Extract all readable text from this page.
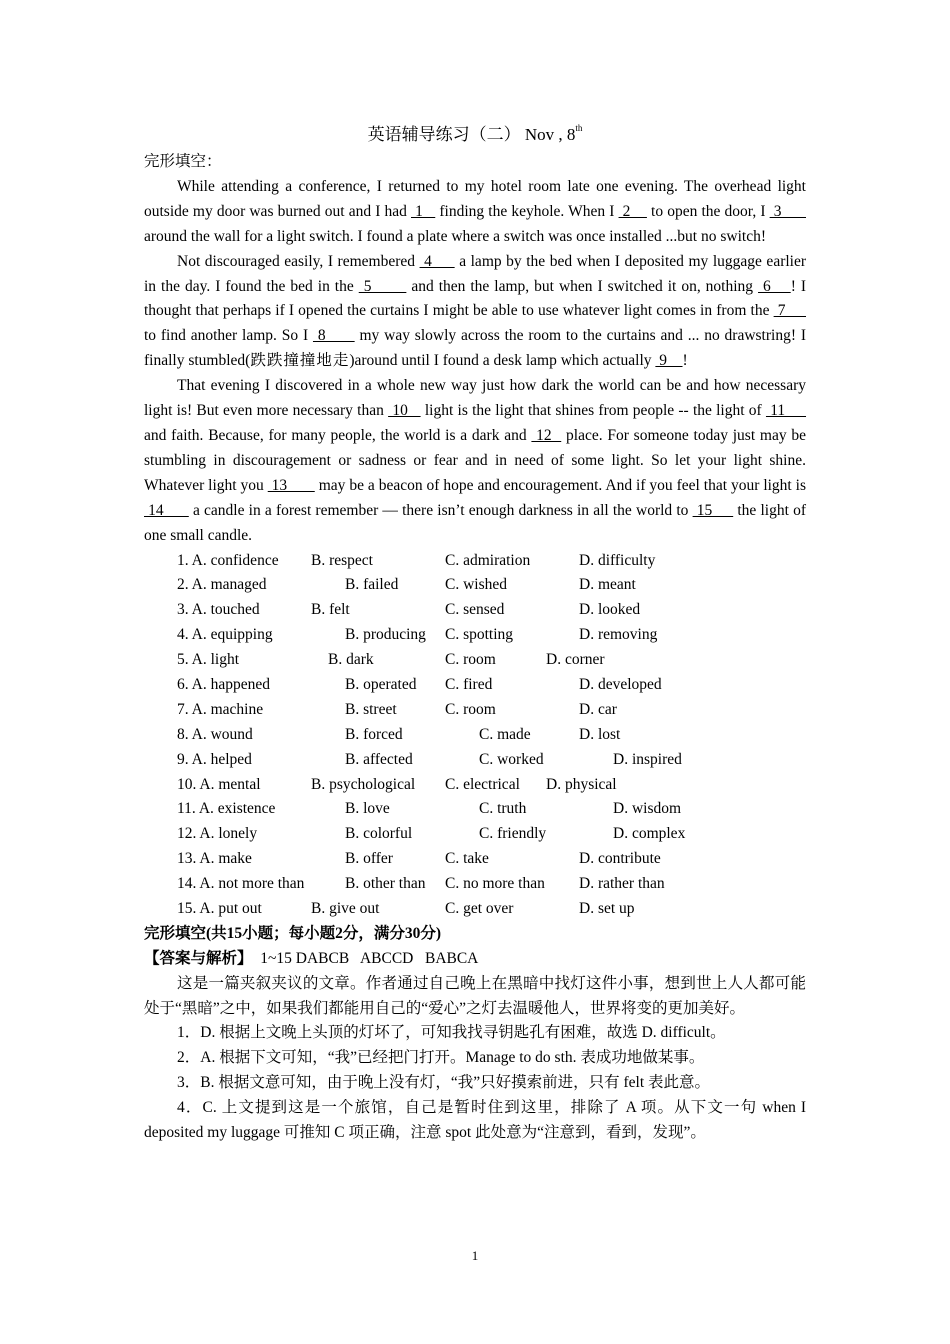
英语辅导练习（二） Nov , 8th

完形填空：

While attending a conference, I returned to my hotel room late one evening. The overhead light outside my door was burned out and I had  1    finding the keyhole. When I  2     to open the door, I  3       around the wall for a light switch. I found a plate where a switch was once installed ...but no switch!

Not discouraged easily, I remembered  4      a lamp by the bed when I deposited my luggage earlier in the day. I found the bed in the  5        and then the lamp, but when I switched it on, nothing  6    ! I thought that perhaps if I opened the curtains I might be able to use whatever light comes in from the  7      to find another lamp. So I  8       my way slowly across the room to the curtains and ... no drawstring! I finally stumbled(跌跌撞撞地走)around until I found a desk lamp which actually  9    !

That evening I discovered in a whole new way just how dark the world can be and how necessary light is! But even more necessary than  10    light is the light that shines from people -- the light of  11      and faith. Because, for many people, the world is a dark and  12   place. For someone today just may be stumbling in discouragement or sadness or fear and in need of some light. So let your light shine. Whatever light you  13        may be a beacon of hope and encouragement. And if you feel that your light is  14       a candle in a forest remember — there isn’t enough darkness in all the world to  15      the light of one small candle.

1. A. confidence B. respect	C. admiration	D. difficulty
2. A. managed	B. failed	C. wished	D. meant
3. A. touched	B. felt	C. sensed	D. looked
4. A. equipping	B. producing C. spotting	D. removing
5. A. light	B. dark	C. room	D. corner
6. A. happened	B. operated C. fired	D. developed
7. A. machine	B. street	C. room	D. car
8. A. wound	B. forced	C. made	D. lost
9. A. helped	B. affected	C. worked	D. inspired
10. A. mental	B. psychological C. electrical D. physical
11. A. existence	B. love	C. truth	D. wisdom
12. A. lonely	B. colorful	C. friendly	D. complex
13. A. make	B. offer	C. take	D. contribute
14. A. not more than	B. other than C. no more than D. rather than
15. A. put out	B. give out	C. get over	D. set up

完形填空(共15小题；每小题2分，满分30分)

【答案与解析】  1~15 DABCB   ABCCD   BABCA

这是一篇夹叙夹议的文章。作者通过自己晚上在黑暗中找灯这件小事，想到世上人人都可能处于“黑暗”之中，如果我们都能用自己的“爱心”之灯去温暖他人，世界将变的更加美好。

1．D. 根据上文晚上头顶的灯坏了，可知我找寻钥匙孔有困难，故选 D. difficult。

2．A. 根据下文可知，“我”已经把门打开。Manage to do sth. 表成功地做某事。

3．B. 根据文意可知，由于晚上没有灯，“我”只好摸索前进，只有 felt 表此意。

4．C. 上文提到这是一个旅馆，自己是暂时住到这里，排除了 A 项。从下文一句 when I deposited my luggage 可推知 C 项正确，注意 spot 此处意为“注意到，看到，发现”。

1
